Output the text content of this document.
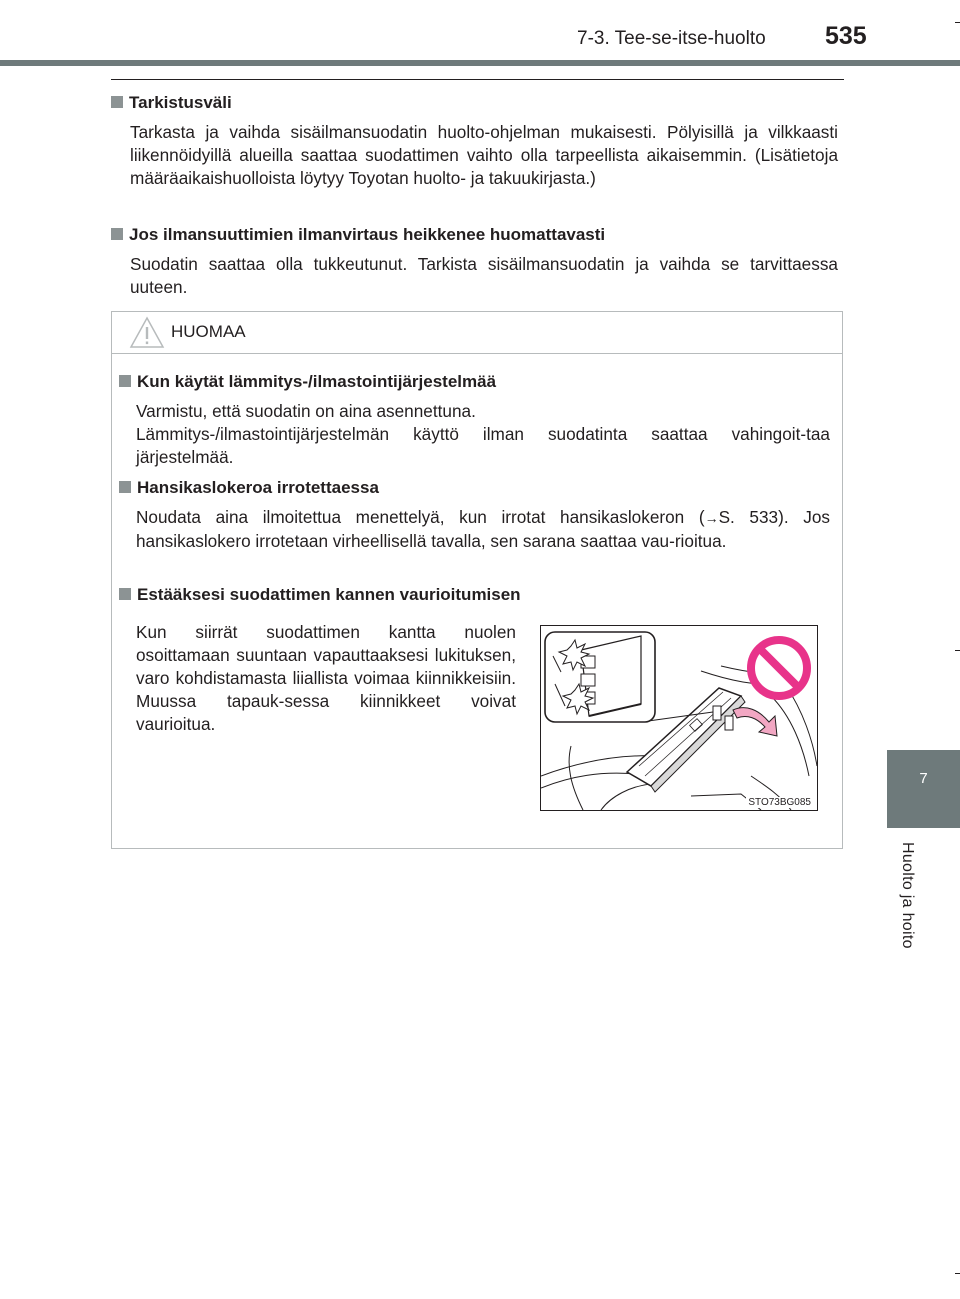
7-3. Tee-se-itse-huolto 535
7
Huolto ja hoito
Tarkistusväli
Tarkasta ja vaihda sisäilmansuodatin huolto-ohjelman mukaisesti. Pölyisillä ja vilkkaasti liikennöidyillä alueilla saattaa suodattimen vaihto olla tarpeellista aikaisemmin. (Lisätietoja määräaikaishuolloista löytyy Toyotan huolto- ja takuukirjasta.)
Jos ilmansuuttimien ilmanvirtaus heikkenee huomattavasti
Suodatin saattaa olla tukkeutunut. Tarkista sisäilmansuodatin ja vaihda se tarvittaessa uuteen.
HUOMAA
Kun käytät lämmitys-/ilmastointijärjestelmää

Varmistu, että suodatin on aina asennettuna.

Lämmitys-/ilmastointijärjestelmän käyttö ilman suodatinta saattaa vahingoit-taa järjestelmää.

Hansikaslokeroa irrotettaessa

Noudata aina ilmoitettua menettelyä, kun irrotat hansikaslokeron (→S. 533). Jos hansikaslokero irrotetaan virheellisellä tavalla, sen sarana saattaa vau-rioitua.

Estääksesi suodattimen kannen vaurioitumisen
Kun siirrät suodattimen kantta nuolen osoittamaan suuntaan vapauttaaksesi lukituksen, varo kohdistamasta liiallista voimaa kiinnikkeisiin. Muussa tapauk-sessa kiinnikkeet voivat vaurioitua.
STO73BG085
